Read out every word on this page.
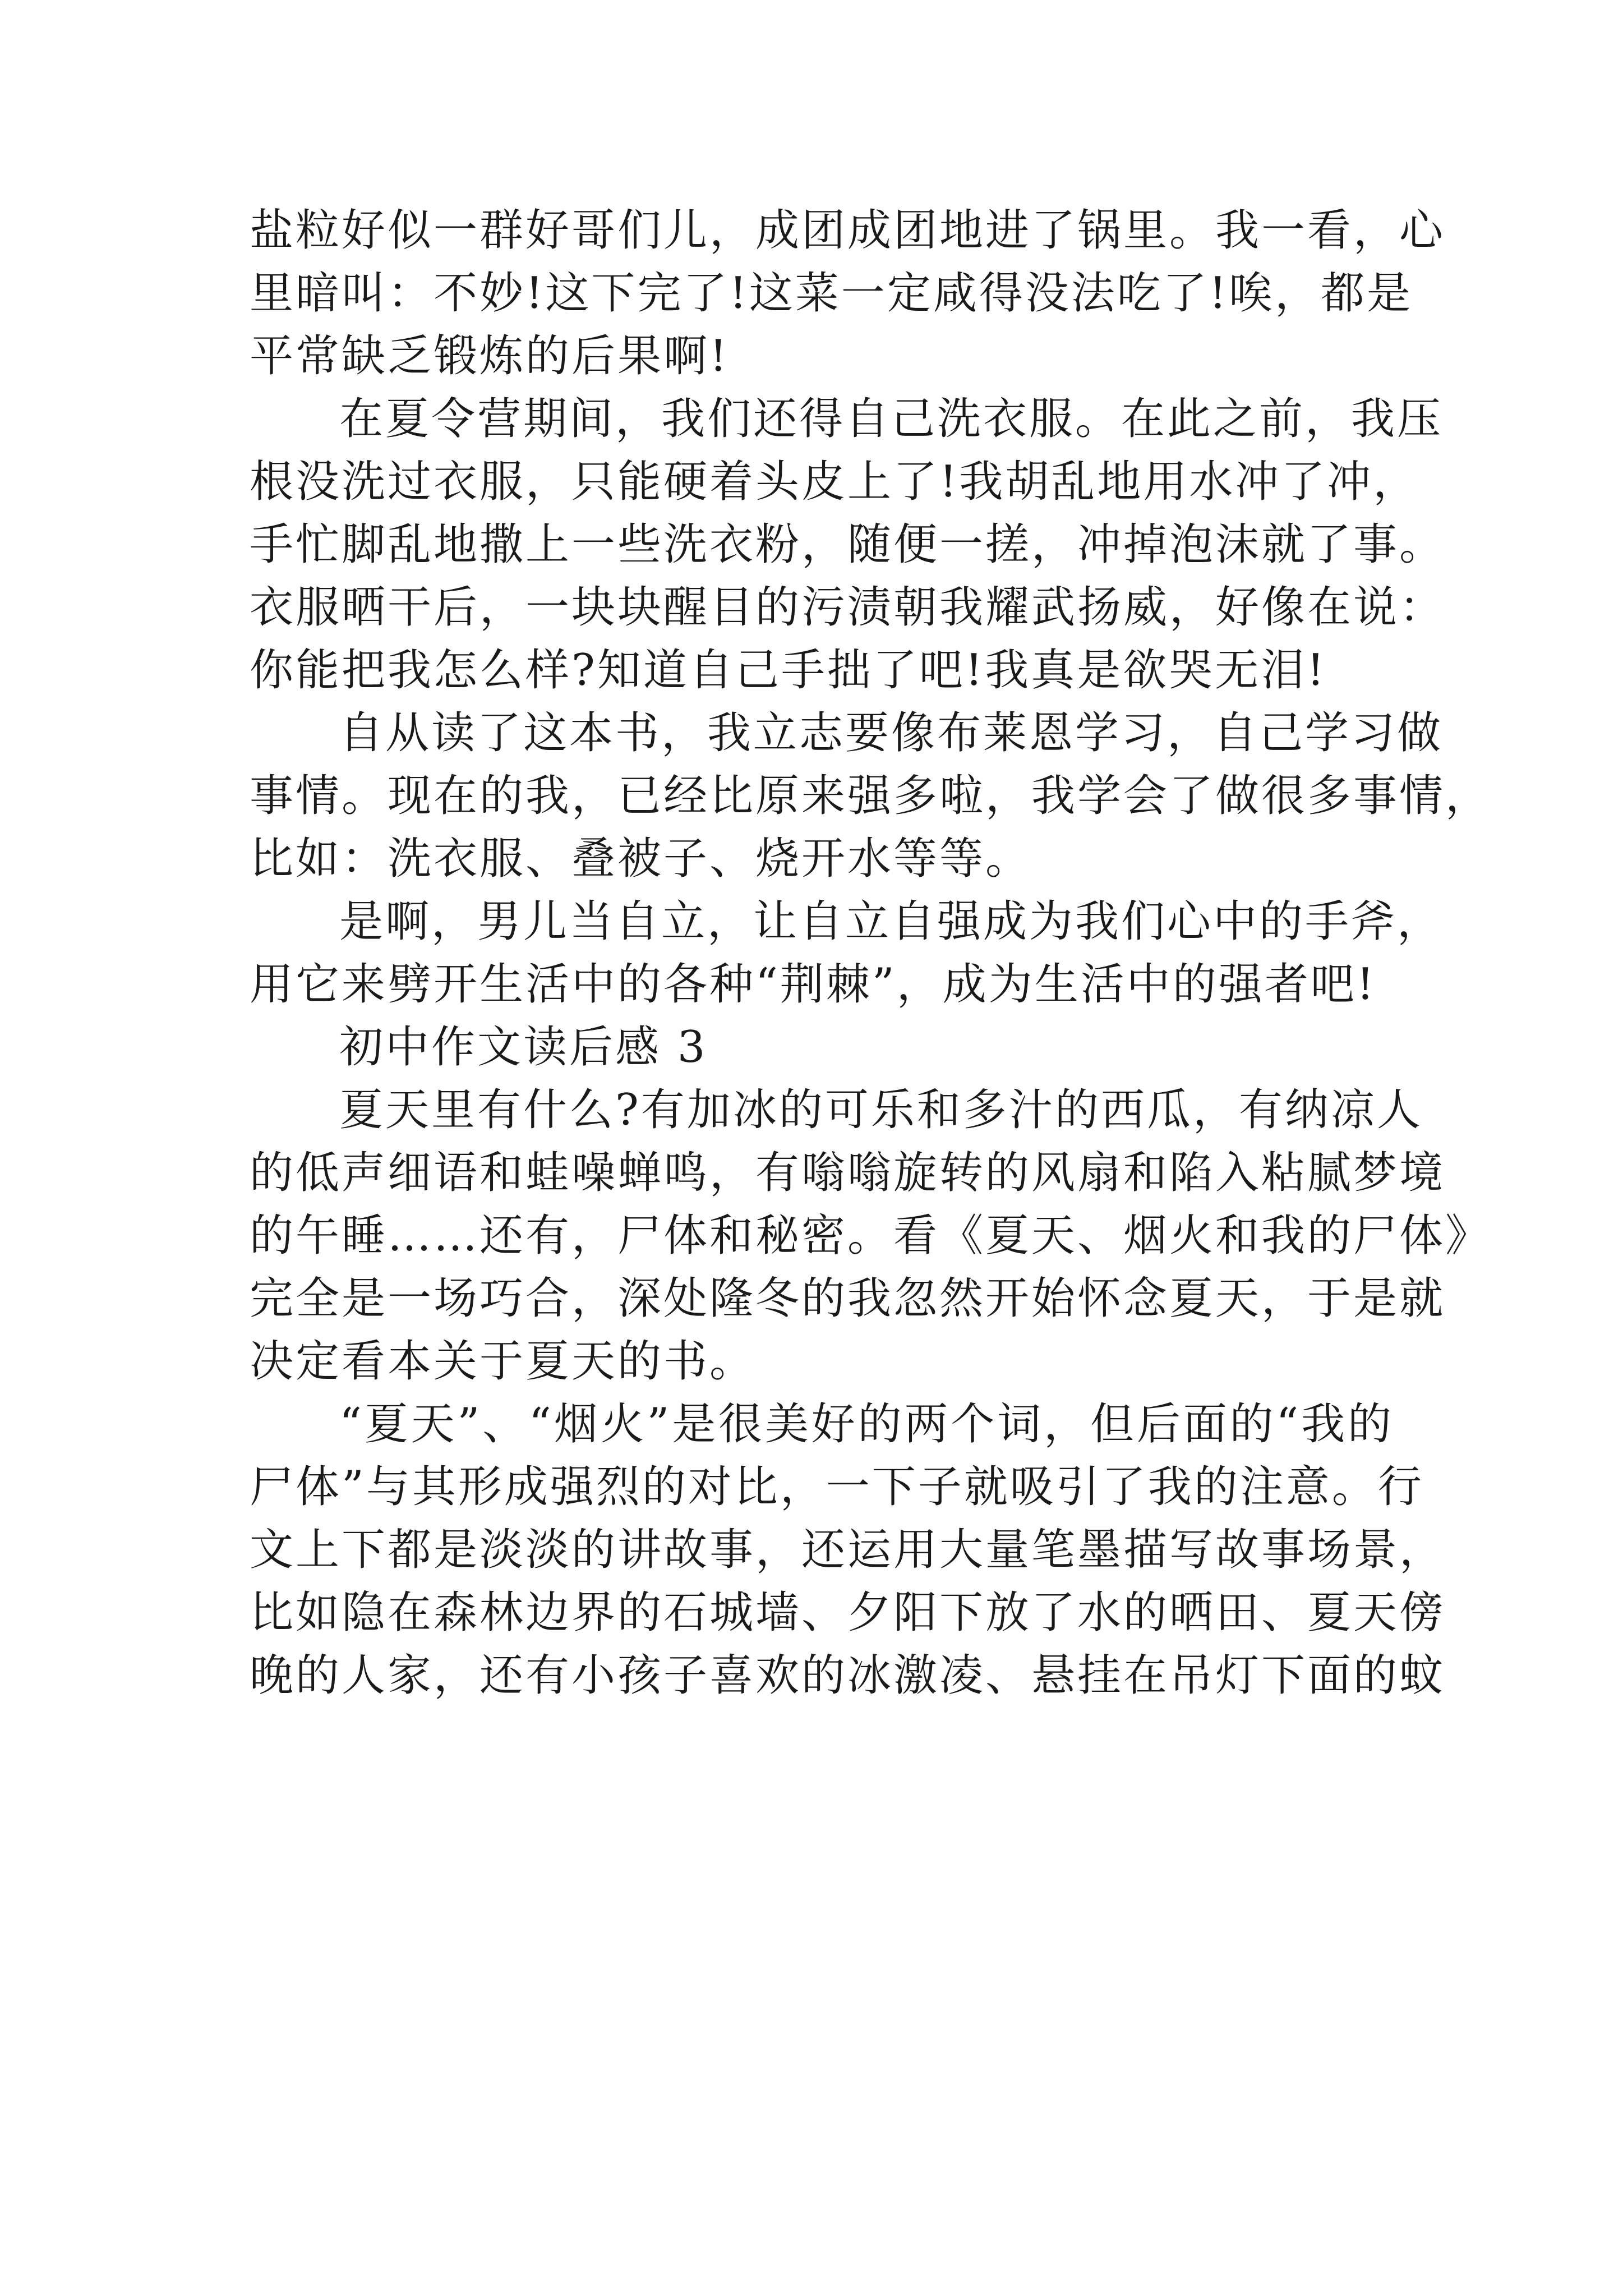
盐粒好似一群好哥们儿，成团成团地进了锅里。我一看，心
里暗叫：不妙!这下完了!这菜一定咸得没法吃了!唉，都是
平常缺乏锻炼的后果啊!
在夏令营期间，我们还得自己洗衣服。在此之前，我压
根没洗过衣服，只能硬着头皮上了!我胡乱地用水冲了冲，
手忙脚乱地撒上一些洗衣粉，随便一搓，冲掉泡沫就了事。
衣服晒干后，一块块醒目的污渍朝我耀武扬威，好像在说：
你能把我怎么样?知道自己手拙了吧!我真是欲哭无泪!
自从读了这本书，我立志要像布莱恩学习，自己学习做
事情。现在的我，已经比原来强多啦，我学会了做很多事情，
比如：洗衣服、叠被子、烧开水等等。
是啊，男儿当自立，让自立自强成为我们心中的手斧，
用它来劈开生活中的各种“荆棘”，成为生活中的强者吧!
初中作文读后感 3
夏天里有什么?有加冰的可乐和多汁的西瓜，有纳凉人
的低声细语和蛙噪蝉鸣，有嗡嗡旋转的风扇和陷入粘腻梦境
的午睡……还有，尸体和秘密。看《夏天、烟火和我的尸体》
完全是一场巧合，深处隆冬的我忽然开始怀念夏天，于是就
决定看本关于夏天的书。
“夏天”、“烟火”是很美好的两个词，但后面的“我的
尸体”与其形成强烈的对比，一下子就吸引了我的注意。行
文上下都是淡淡的讲故事，还运用大量笔墨描写故事场景，
比如隐在森林边界的石城墙、夕阳下放了水的晒田、夏天傍
晚的人家，还有小孩子喜欢的冰激凌、悬挂在吊灯下面的蚊
